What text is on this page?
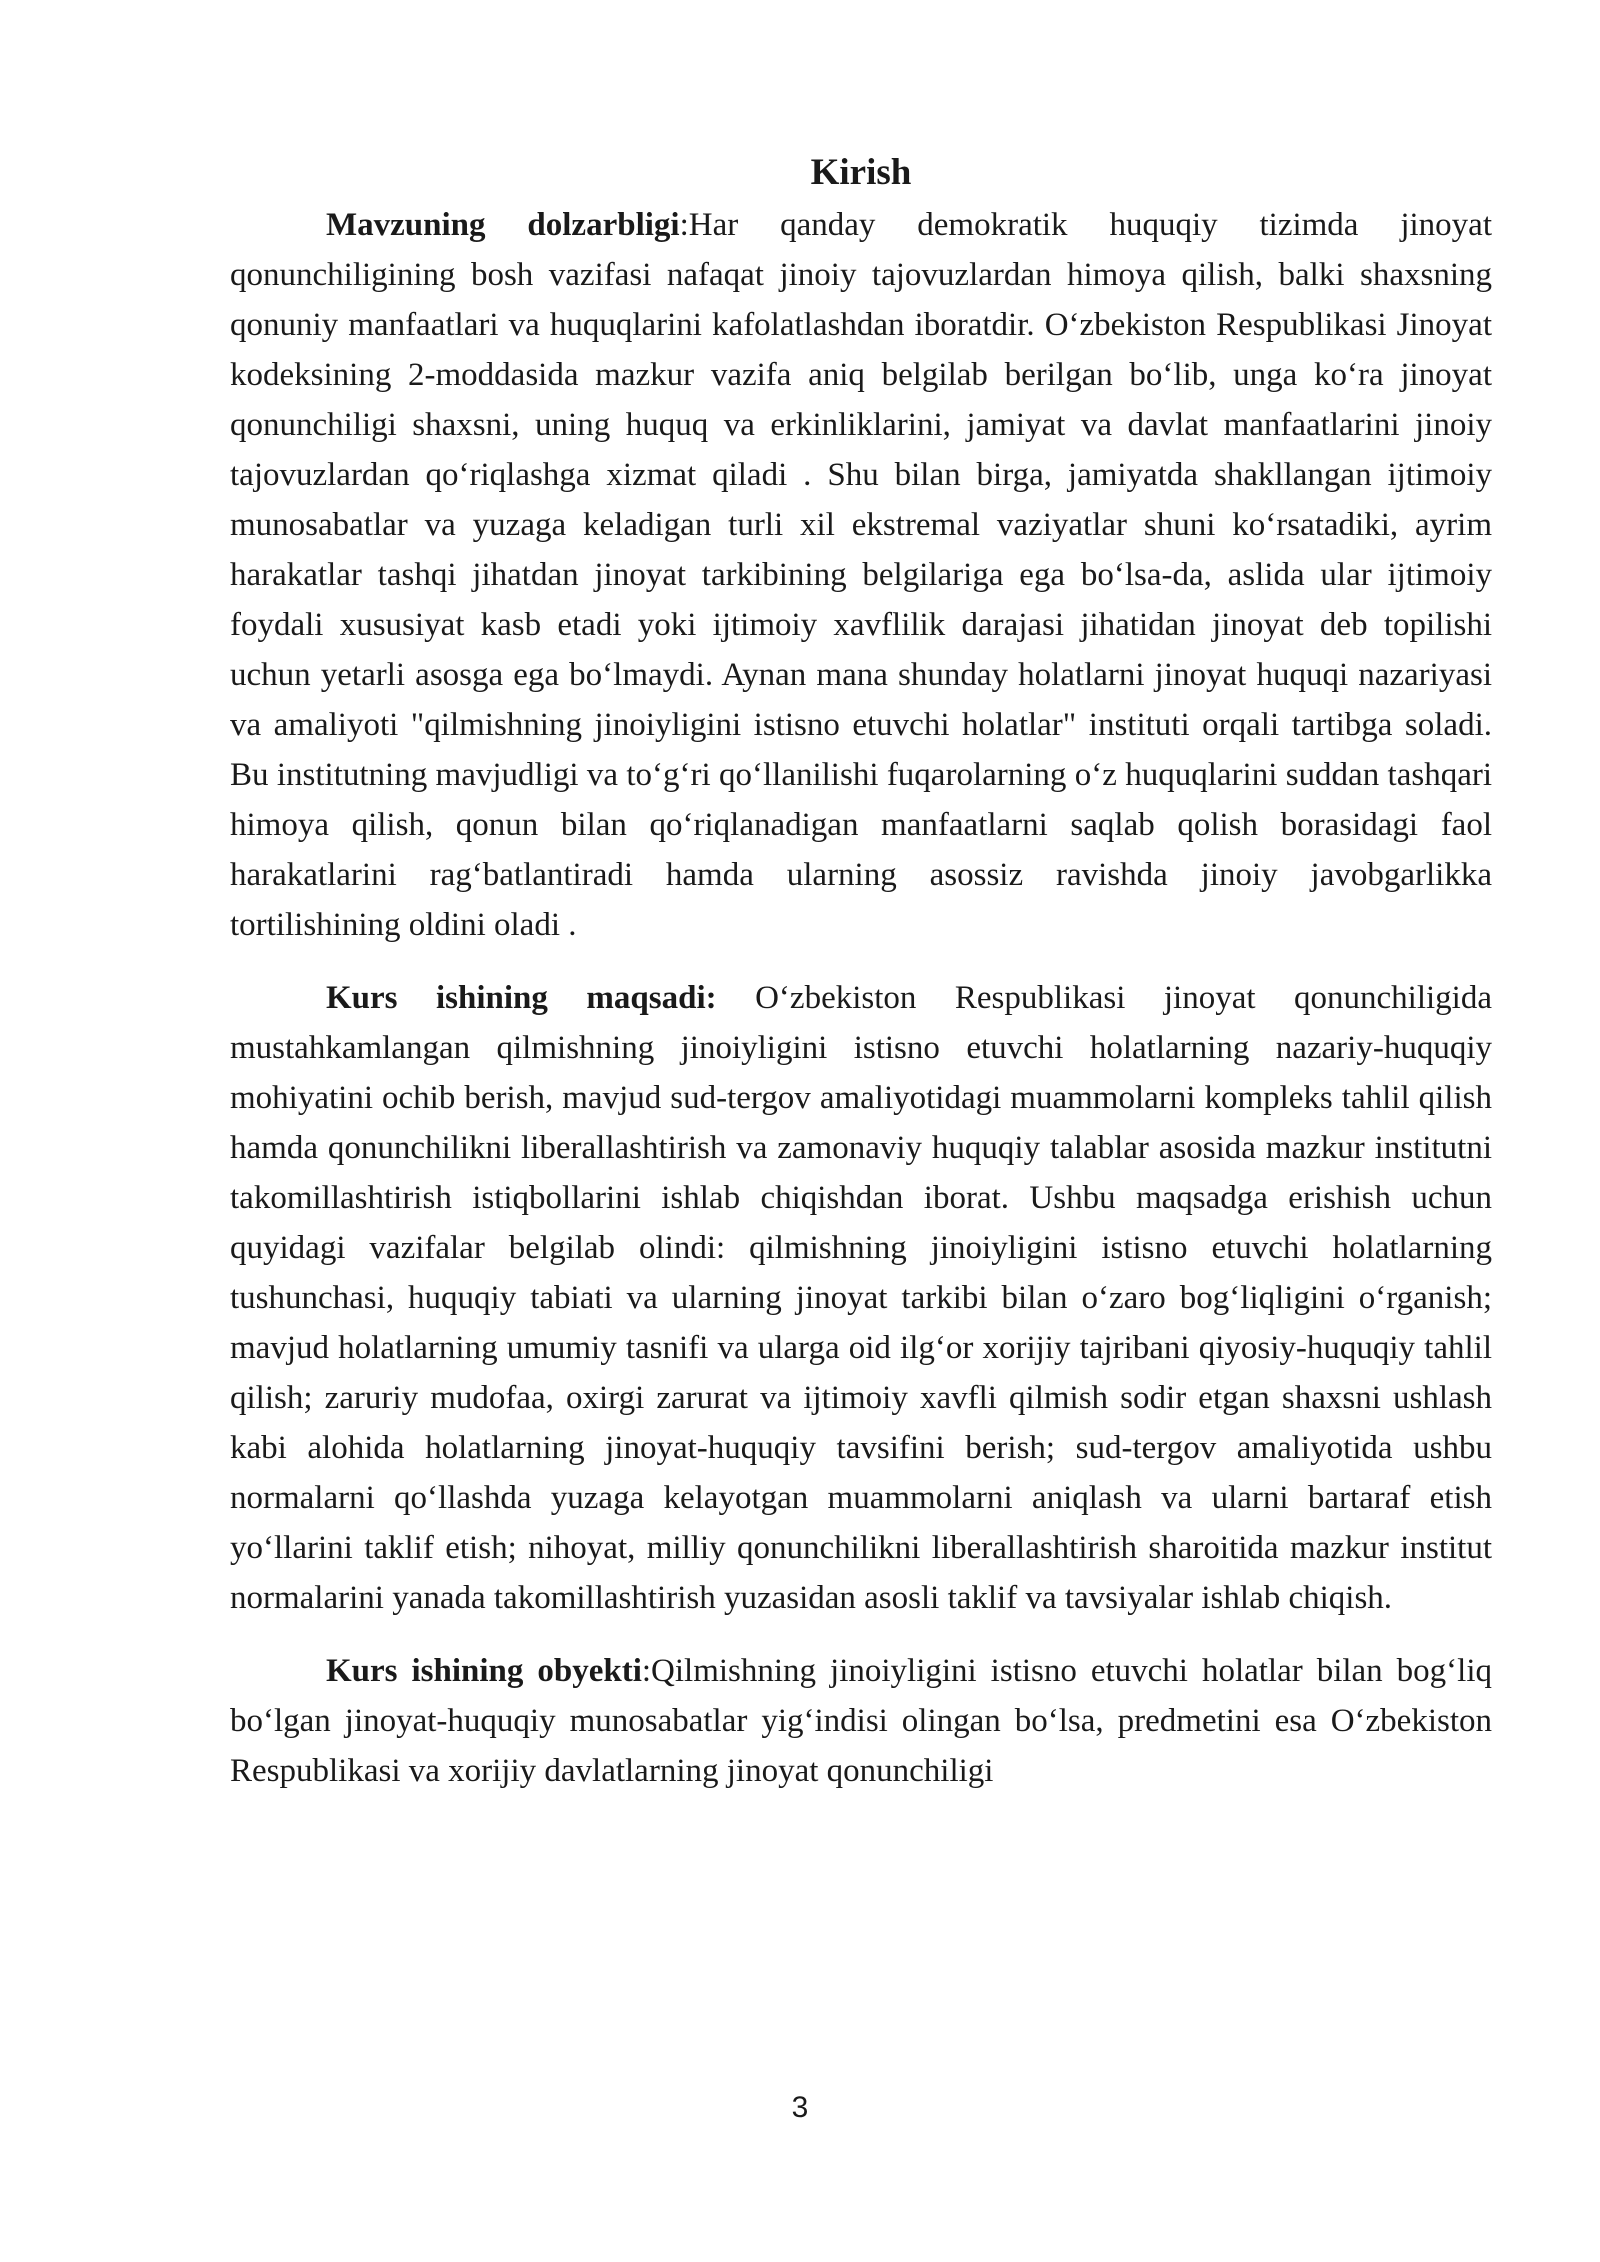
Kirish

Mavzuning dolzarbligi:Har qanday demokratik huquqiy tizimda jinoyat qonunchiligining bosh vazifasi nafaqat jinoiy tajovuzlardan himoya qilish, balki shaxsning qonuniy manfaatlari va huquqlarini kafolatlashdan iboratdir. O‘zbekiston Respublikasi Jinoyat kodeksining 2-moddasida mazkur vazifa aniq belgilab berilgan bo‘lib, unga ko‘ra jinoyat qonunchiligi shaxsni, uning huquq va erkinliklarini, jamiyat va davlat manfaatlarini jinoiy tajovuzlardan qo‘riqlashga xizmat qiladi . Shu bilan birga, jamiyatda shakllangan ijtimoiy munosabatlar va yuzaga keladigan turli xil ekstremal vaziyatlar shuni ko‘rsatadiki, ayrim harakatlar tashqi jihatdan jinoyat tarkibining belgilariga ega bo‘lsa-da, aslida ular ijtimoiy foydali xususiyat kasb etadi yoki ijtimoiy xavflilik darajasi jihatidan jinoyat deb topilishi uchun yetarli asosga ega bo‘lmaydi. Aynan mana shunday holatlarni jinoyat huquqi nazariyasi va amaliyoti "qilmishning jinoiyligini istisno etuvchi holatlar" instituti orqali tartibga soladi. Bu institutning mavjudligi va to‘g‘ri qo‘llanilishi fuqarolarning o‘z huquqlarini suddan tashqari himoya qilish, qonun bilan qo‘riqlanadigan manfaatlarni saqlab qolish borasidagi faol harakatlarini rag‘batlantiradi hamda ularning asossiz ravishda jinoiy javobgarlikka tortilishining oldini oladi .

Kurs ishining maqsadi: O‘zbekiston Respublikasi jinoyat qonunchiligida mustahkamlangan qilmishning jinoiyligini istisno etuvchi holatlarning nazariy-huquqiy mohiyatini ochib berish, mavjud sud-tergov amaliyotidagi muammolarni kompleks tahlil qilish hamda qonunchilikni liberallashtirish va zamonaviy huquqiy talablar asosida mazkur institutni takomillashtirish istiqbollarini ishlab chiqishdan iborat. Ushbu maqsadga erishish uchun quyidagi vazifalar belgilab olindi: qilmishning jinoiyligini istisno etuvchi holatlarning tushunchasi, huquqiy tabiati va ularning jinoyat tarkibi bilan o‘zaro bog‘liqligini o‘rganish; mavjud holatlarning umumiy tasnifi va ularga oid ilg‘or xorijiy tajribani qiyosiy-huquqiy tahlil qilish; zaruriy mudofaa, oxirgi zarurat va ijtimoiy xavfli qilmish sodir etgan shaxsni ushlash kabi alohida holatlarning jinoyat-huquqiy tavsifini berish; sud-tergov amaliyotida ushbu normalarni qo‘llashda yuzaga kelayotgan muammolarni aniqlash va ularni bartaraf etish yo‘llarini taklif etish; nihoyat, milliy qonunchilikni liberallashtirish sharoitida mazkur institut normalarini yanada takomillashtirish yuzasidan asosli taklif va tavsiyalar ishlab chiqish.

Kurs ishining obyekti:Qilmishning jinoiyligini istisno etuvchi holatlar bilan bog‘liq bo‘lgan jinoyat-huquqiy munosabatlar yig‘indisi olingan bo‘lsa, predmetini esa O‘zbekiston Respublikasi va xorijiy davlatlarning jinoyat qonunchiligi

3
